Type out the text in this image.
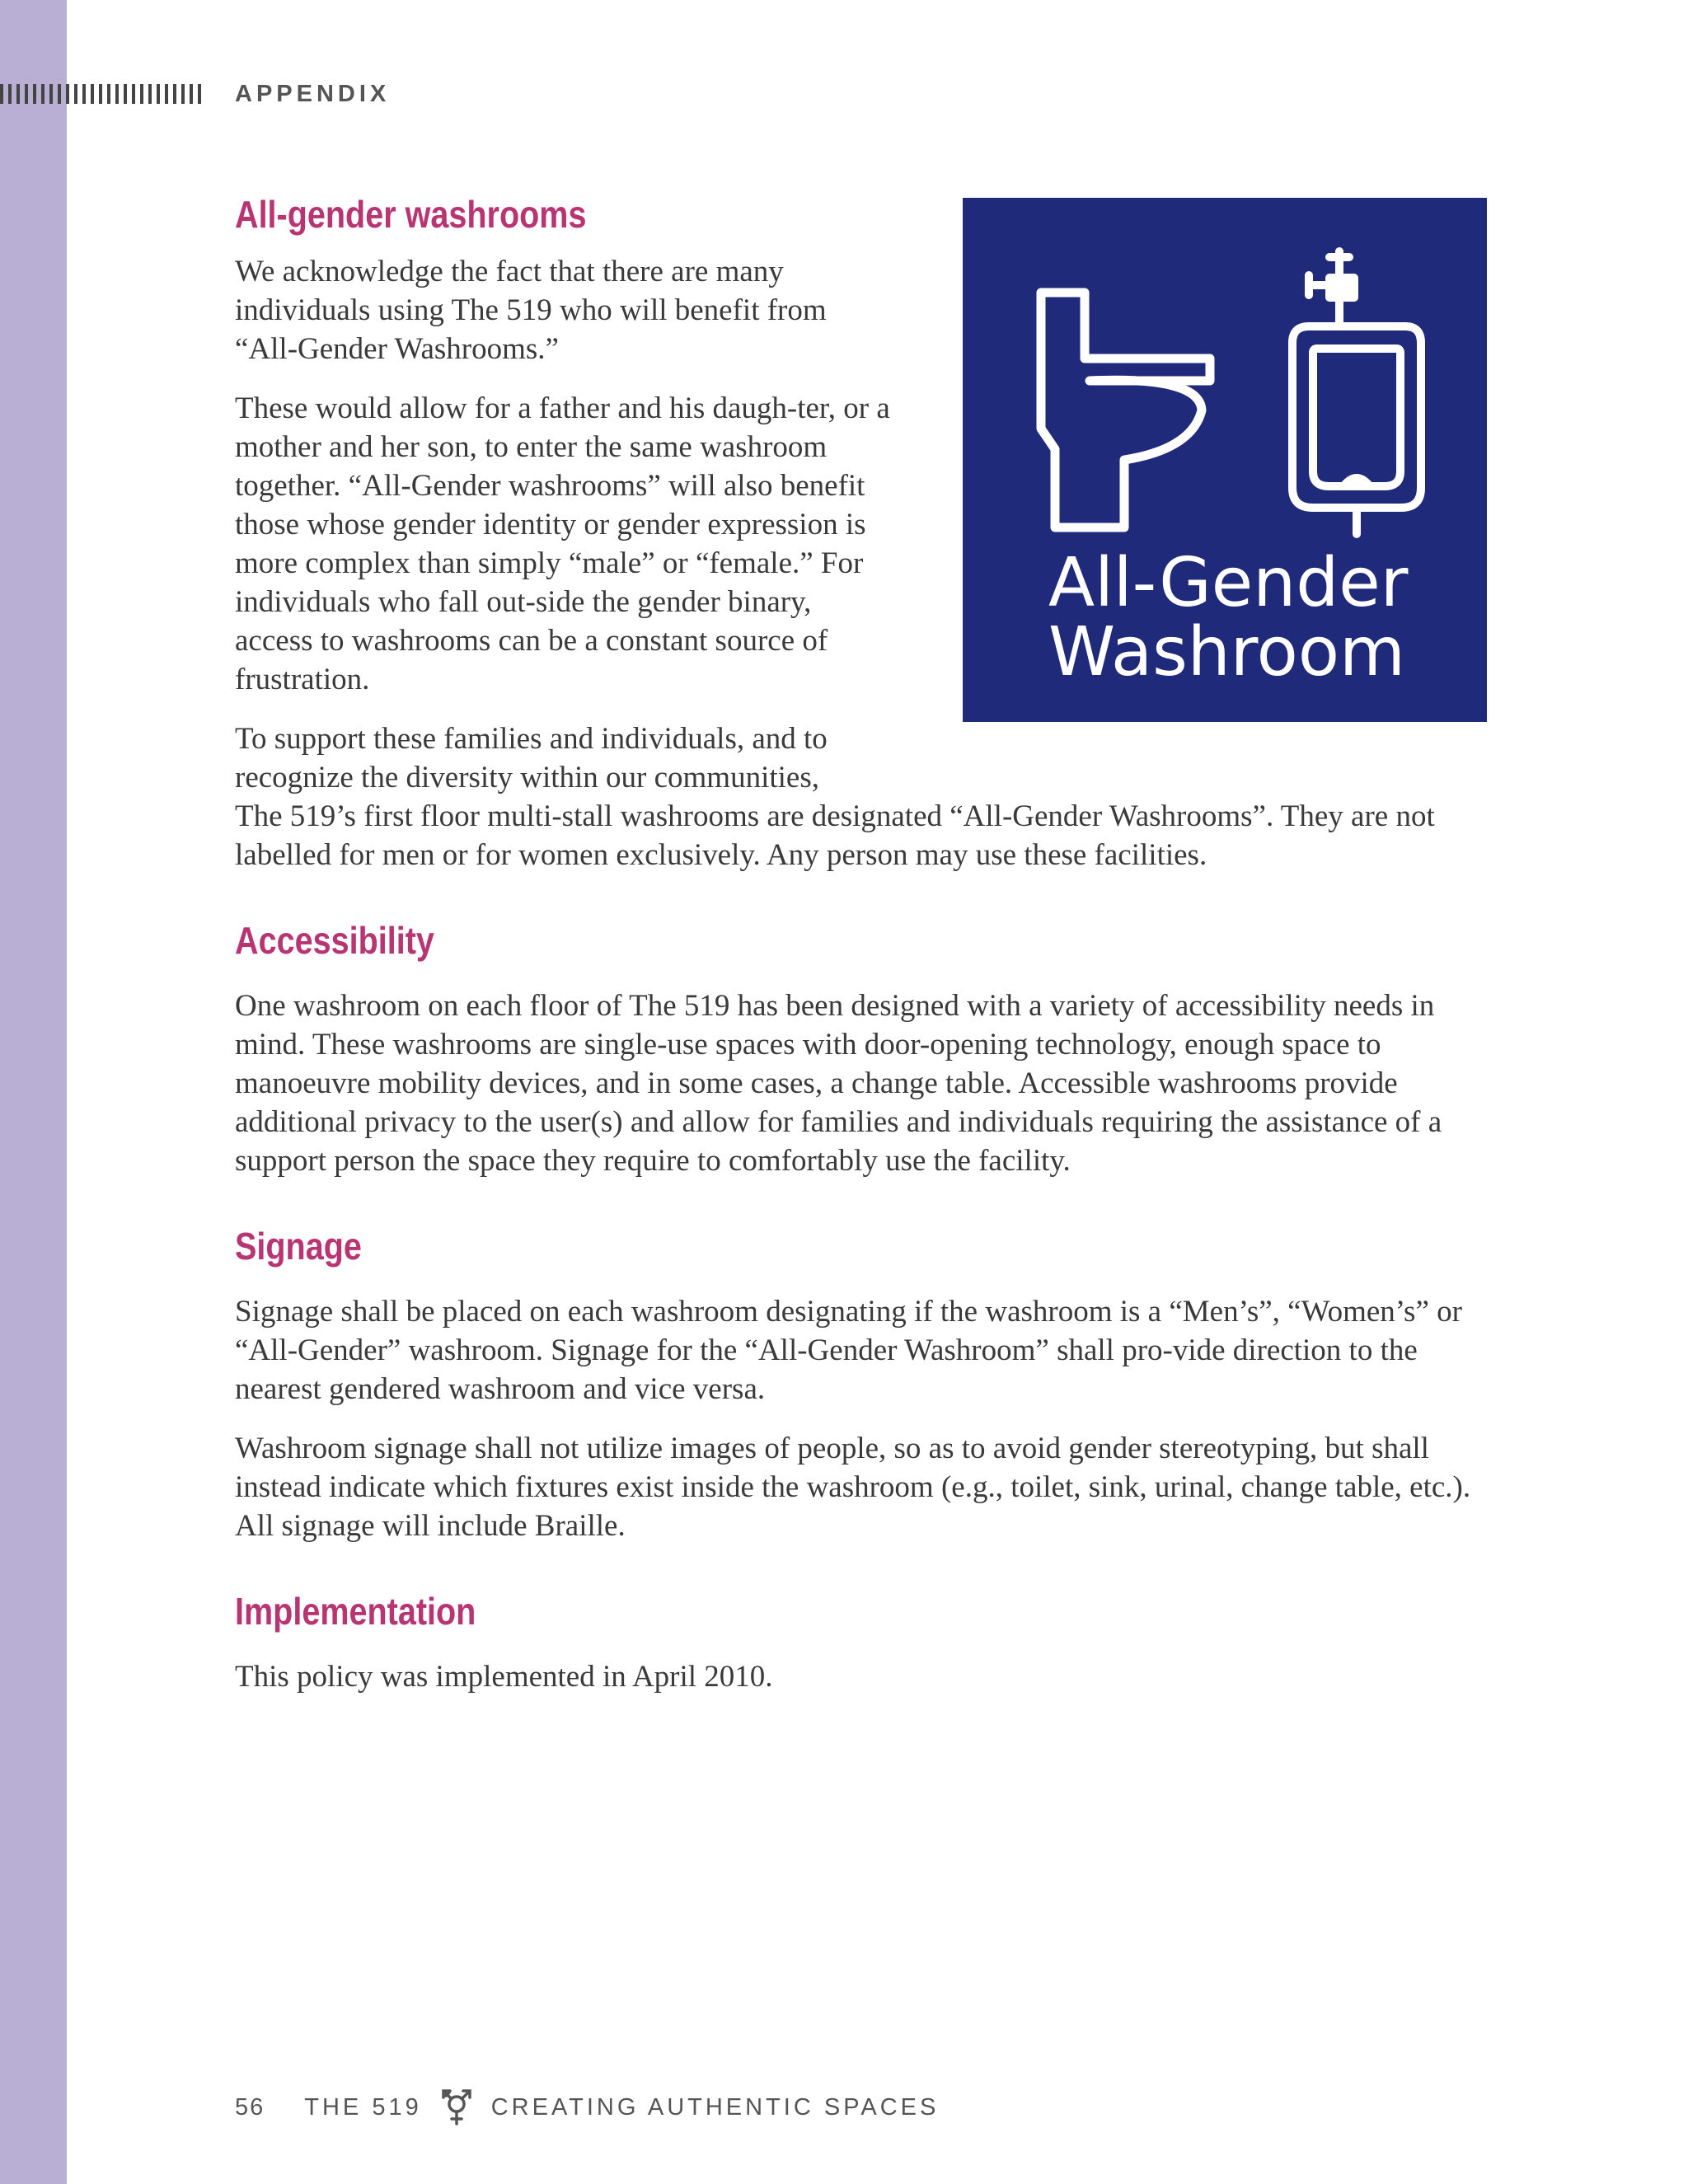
APPENDIX
All-Gender
Washroom
All-gender washrooms

We acknowledge the fact that there are many individuals using The 519 who will benefit from “All-Gender Washrooms.”

These would allow for a father and his daugh-ter, or a mother and her son, to enter the same washroom together. “All-Gender washrooms” will also benefit those whose gender identity or gender expression is more complex than simply “male” or “female.” For individuals who fall out-side the gender binary, access to washrooms can be a constant source of frustration.

To support these families and individuals, and to recognize the diversity within our communities,

The 519’s first floor multi-stall washrooms are designated “All-Gender Washrooms”. They are not labelled for men or for women exclusively. Any person may use these facilities.

Accessibility

One washroom on each floor of The 519 has been designed with a variety of accessibility needs in mind. These washrooms are single-use spaces with door-opening technology, enough space to manoeuvre mobility devices, and in some cases, a change table. Accessible washrooms provide additional privacy to the user(s) and allow for families and individuals requiring the assistance of a support person the space they require to comfortably use the facility.

Signage

Signage shall be placed on each washroom designating if the washroom is a “Men’s”, “Women’s” or “All-Gender” washroom. Signage for the “All-Gender Washroom” shall pro-vide direction to the nearest gendered washroom and vice versa.

Washroom signage shall not utilize images of people, so as to avoid gender stereotyping, but shall instead indicate which fixtures exist inside the washroom (e.g., toilet, sink, urinal, change table, etc.). All signage will include Braille.

Implementation

This policy was implemented in April 2010.

56 THE 519	CREATING AUTHENTIC SPACES
